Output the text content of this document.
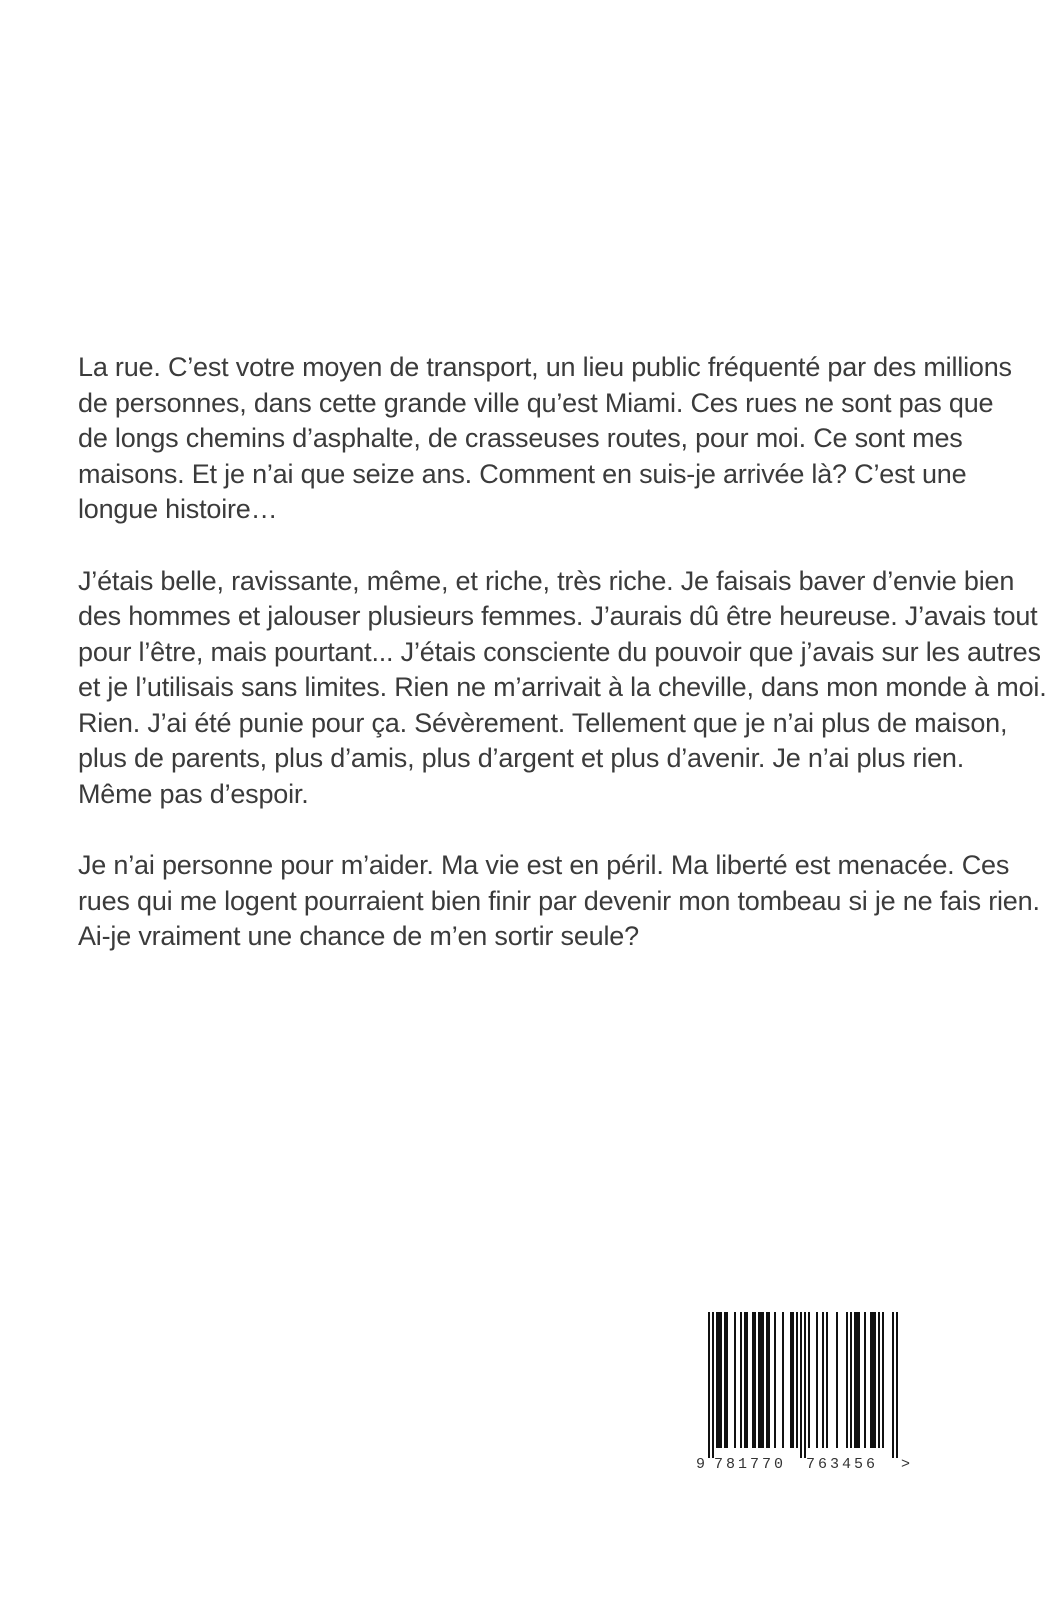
La rue. C’est votre moyen de transport, un lieu public fréquenté par des millions
de personnes, dans cette grande ville qu’est Miami. Ces rues ne sont pas que
de longs chemins d’asphalte, de crasseuses routes, pour moi. Ce sont mes
maisons. Et je n’ai que seize ans. Comment en suis-je arrivée là? C’est une
longue histoire…

J’étais belle, ravissante, même, et riche, très riche. Je faisais baver d’envie bien
des hommes et jalouser plusieurs femmes. J’aurais dû être heureuse. J’avais tout
pour l’être, mais pourtant... J’étais consciente du pouvoir que j’avais sur les autres
et je l’utilisais sans limites. Rien ne m’arrivait à la cheville, dans mon monde à moi.
Rien. J’ai été punie pour ça. Sévèrement. Tellement que je n’ai plus de maison,
plus de parents, plus d’amis, plus d’argent et plus d’avenir. Je n’ai plus rien.
Même pas d’espoir.

Je n’ai personne pour m’aider. Ma vie est en péril. Ma liberté est menacée. Ces
rues qui me logent pourraient bien finir par devenir mon tombeau si je ne fais rien.
Ai-je vraiment une chance de m’en sortir seule?

9 781770 763456 >
